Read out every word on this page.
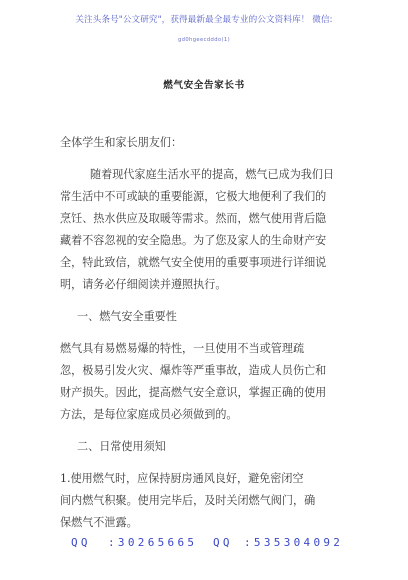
关注头条号"公文研究"，获得最新最全最专业的公文资料库！ 微信:
gd0hgeecdddo(1)
燃气安全告家长书
全体学生和家长朋友们：
随着现代家庭生活水平的提高，燃气已成为我们日
常生活中不可或缺的重要能源，它极大地便利了我们的
烹饪、热水供应及取暖等需求。然而，燃气使用背后隐
藏着不容忽视的安全隐患。为了您及家人的生命财产安
全，特此致信，就燃气安全使用的重要事项进行详细说
明，请务必仔细阅读并遵照执行。
一、燃气安全重要性
燃气具有易燃易爆的特性，一旦使用不当或管理疏
忽，极易引发火灾、爆炸等严重事故，造成人员伤亡和
财产损失。因此，提高燃气安全意识，掌握正确的使用
方法，是每位家庭成员必须做到的。
二、日常使用须知
1.使用燃气时，应保持厨房通风良好，避免密闭空
间内燃气积聚。使用完毕后，及时关闭燃气阀门，确
保燃气不泄露。
QQ :30265665 QQ :535304092
